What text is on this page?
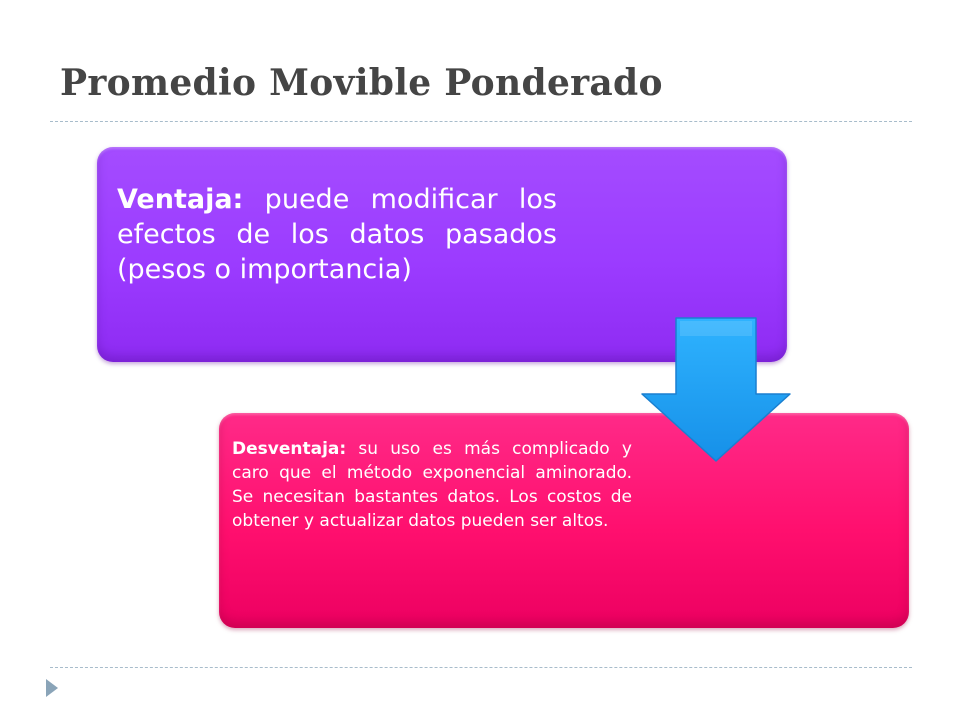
Promedio Movible Ponderado
Ventaja: puede modificar los efectos de los datos pasados (pesos o importancia)
Desventaja: su uso es más complicado y caro que el método exponencial aminorado. Se necesitan bastantes datos. Los costos de obtener y actualizar datos pueden ser altos.
